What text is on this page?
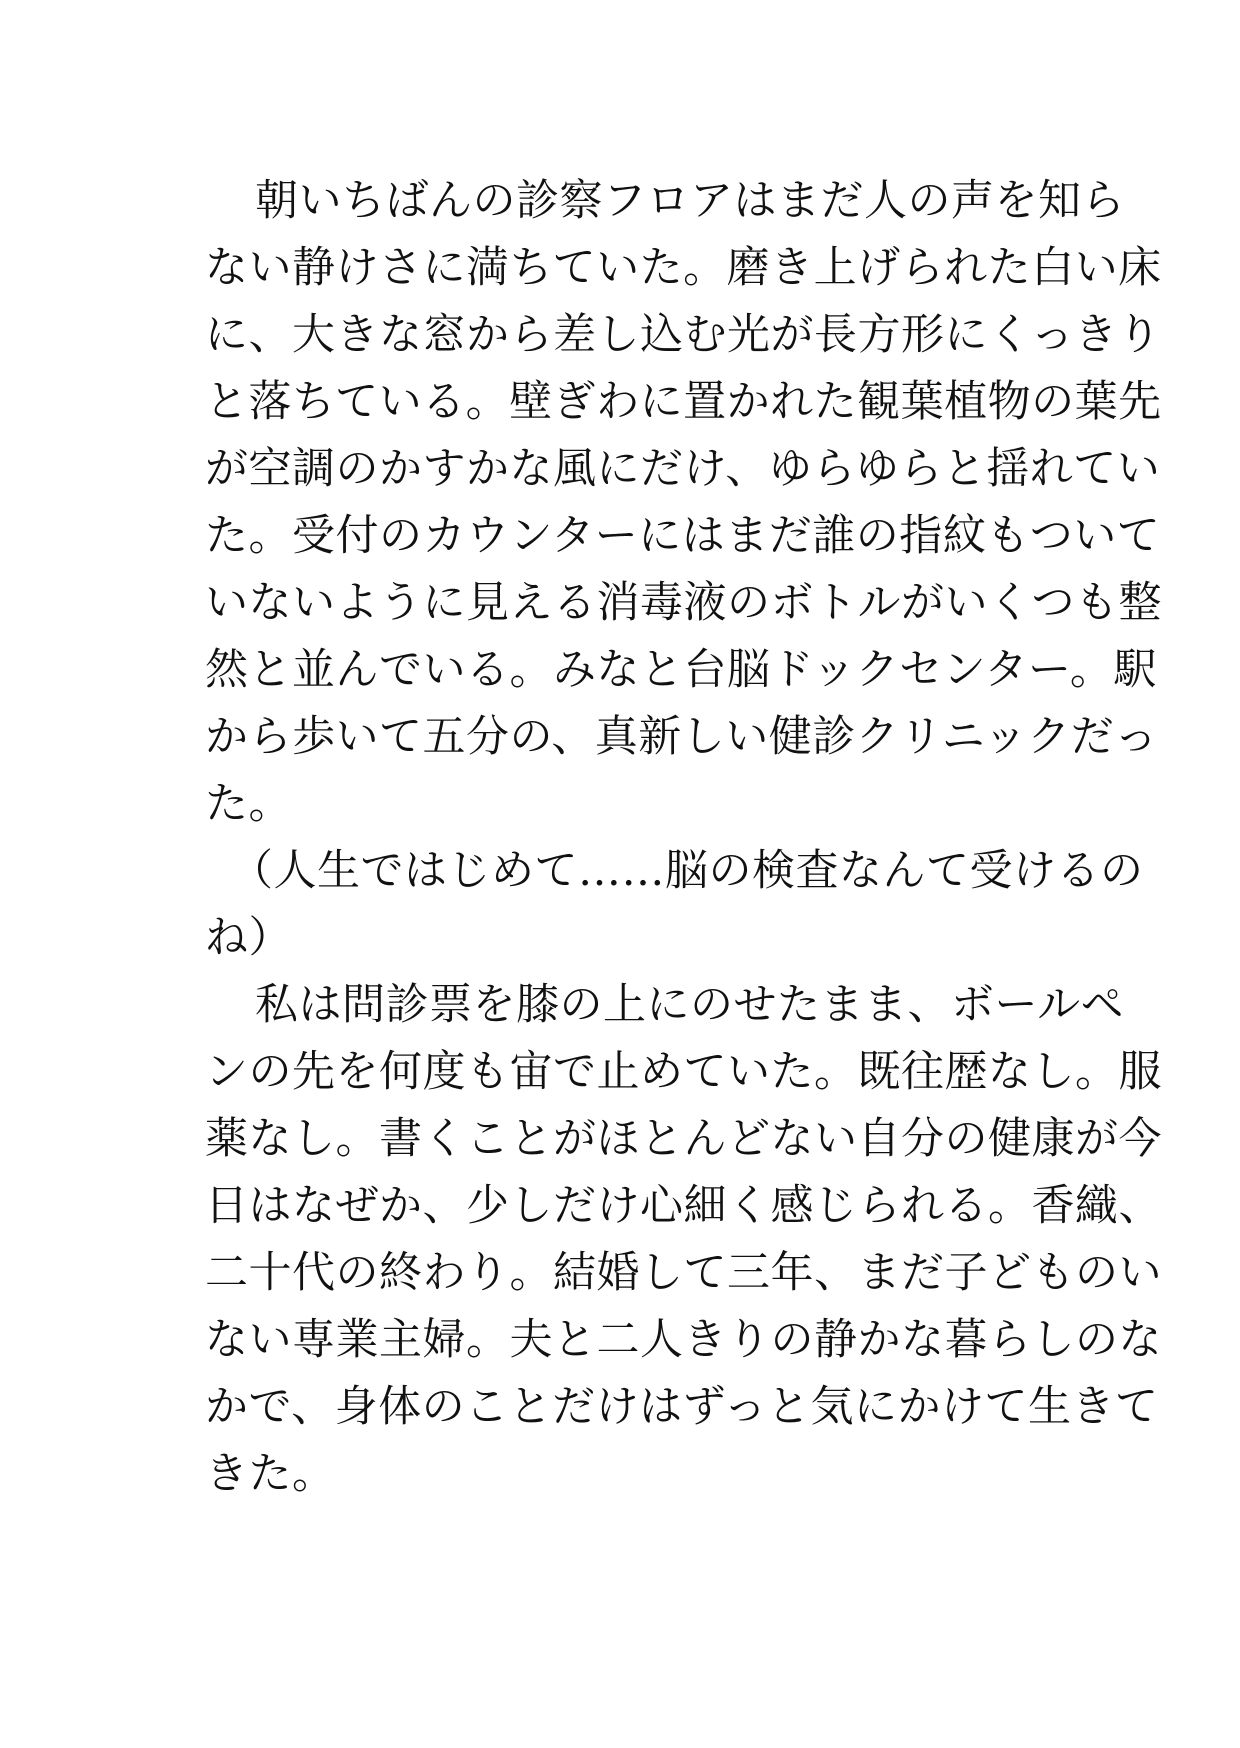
朝いちばんの診察フロアはまだ人の声を知ら
ない静けさに満ちていた。磨き上げられた白い床
に、大きな窓から差し込む光が長方形にくっきり
と落ちている。壁ぎわに置かれた観葉植物の葉先
が空調のかすかな風にだけ、ゆらゆらと揺れてい
た。受付のカウンターにはまだ誰の指紋もついて
いないように見える消毒液のボトルがいくつも整
然と並んでいる。みなと台脳ドックセンター。駅
から歩いて五分の、真新しい健診クリニックだっ
た。
（人生ではじめて……脳の検査なんて受けるの
ね）
私は問診票を膝の上にのせたまま、ボールペ
ンの先を何度も宙で止めていた。既往歴なし。服
薬なし。書くことがほとんどない自分の健康が今
日はなぜか、少しだけ心細く感じられる。香織、
二十代の終わり。結婚して三年、まだ子どものい
ない専業主婦。夫と二人きりの静かな暮らしのな
かで、身体のことだけはずっと気にかけて生きて
きた。
